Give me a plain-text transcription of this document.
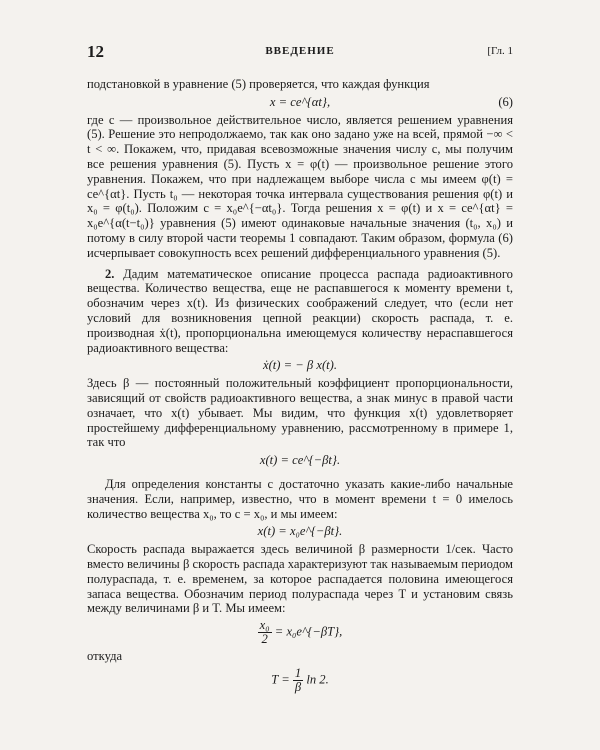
12	ВВЕДЕНИЕ	[Гл. 1

подстановкой в уравнение (5) проверяется, что каждая функция

x = ce^{αt},	(6)

где c — произвольное действительное число, является решением уравнения (5). Решение это непродолжаемо, так как оно задано уже на всей, прямой −∞ < t < ∞. Покажем, что, придавая всевозможные значения числу c, мы получим все решения уравнения (5). Пусть x = φ(t) — произвольное решение этого уравнения. Покажем, что при надлежащем выборе числа c мы имеем φ(t) = ce^{αt}. Пусть t₀ — некоторая точка интервала существования решения φ(t) и x₀ = φ(t₀). Положим c = x₀e^{−αt₀}. Тогда решения x = φ(t) и x = ce^{αt} = x₀e^{α(t−t₀)} уравнения (5) имеют одинаковые начальные значения (t₀, x₀) и потому в силу второй части теоремы 1 совпадают. Таким образом, формула (6) исчерпывает совокупность всех решений дифференциального уравнения (5).

2. Дадим математическое описание процесса распада радиоактивного вещества. Количество вещества, еще не распавшегося к моменту времени t, обозначим через x(t). Из физических соображений следует, что (если нет условий для возникновения цепной реакции) скорость распада, т. е. производная ẋ(t), пропорциональна имеющемуся количеству нераспавшегося радиоактивного вещества:

ẋ(t) = − β x(t).

Здесь β — постоянный положительный коэффициент пропорциональности, зависящий от свойств радиоактивного вещества, а знак минус в правой части означает, что x(t) убывает. Мы видим, что функция x(t) удовлетворяет простейшему дифференциальному уравнению, рассмотренному в примере 1, так что

x(t) = ce^{−βt}.

Для определения константы c достаточно указать какие-либо начальные значения. Если, например, известно, что в момент времени t = 0 имелось количество вещества x₀, то c = x₀, и мы имеем:

x(t) = x₀e^{−βt}.

Скорость распада выражается здесь величиной β размерности 1/сек. Часто вместо величины β скорость распада характеризуют так называемым периодом полураспада, т. е. временем, за которое распадается половина имеющегося запаса вещества. Обозначим период полураспада через T и установим связь между величинами β и T. Мы имеем:

$\frac{\text{x₀}}{2}$ = x₀e^{−βT},

откуда

$T = \frac{1}{\beta}$ ln 2.
